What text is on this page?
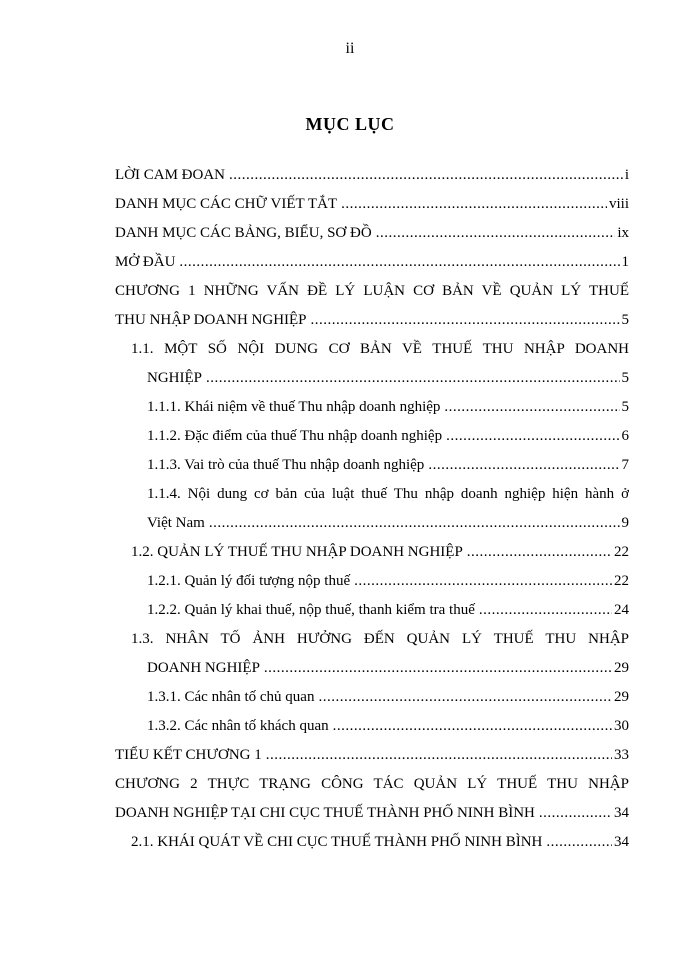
ii
MỤC LỤC
LỜI CAM ĐOAN .....	i
DANH MỤC CÁC CHỮ VIẾT TẮT .....	viii
DANH MỤC CÁC BẢNG, BIỂU, SƠ ĐỒ .....	ix
MỞ ĐẦU .....	1
CHƯƠNG 1 NHỮNG VẤN ĐỀ LÝ LUẬN CƠ BẢN VỀ QUẢN LÝ THUẾ
THU NHẬP DOANH NGHIỆP .....	5
1.1. MỘT SỐ NỘI DUNG CƠ BẢN VỀ THUẾ THU NHẬP DOANH
NGHIỆP .....	5
1.1.1. Khái niệm về thuế Thu nhập doanh nghiệp .....	5
1.1.2. Đặc điểm của thuế Thu nhập doanh nghiệp .....	6
1.1.3. Vai trò của thuế Thu nhập doanh nghiệp .....	7
1.1.4. Nội dung cơ bản của luật thuế Thu nhập doanh nghiệp hiện hành ở
Việt Nam .....	9
1.2. QUẢN LÝ THUẾ THU NHẬP DOANH NGHIỆP .....	22
1.2.1. Quản lý đối tượng nộp thuế .....	22
1.2.2. Quản lý khai thuế, nộp thuế, thanh kiểm tra thuế .....	24
1.3. NHÂN TỐ ẢNH HƯỞNG ĐẾN QUẢN LÝ THUẾ THU NHẬP
DOANH NGHIỆP .....	29
1.3.1. Các nhân tố chủ quan .....	29
1.3.2. Các nhân tố khách quan .....	30
TIỂU KẾT CHƯƠNG 1 .....	33
CHƯƠNG 2 THỰC TRẠNG CÔNG TÁC QUẢN LÝ THUẾ THU NHẬP
DOANH NGHIỆP TẠI CHI CỤC THUẾ THÀNH PHỐ NINH BÌNH .....	34
2.1. KHÁI QUÁT VỀ CHI CỤC THUẾ THÀNH PHỐ NINH BÌNH .....	34
